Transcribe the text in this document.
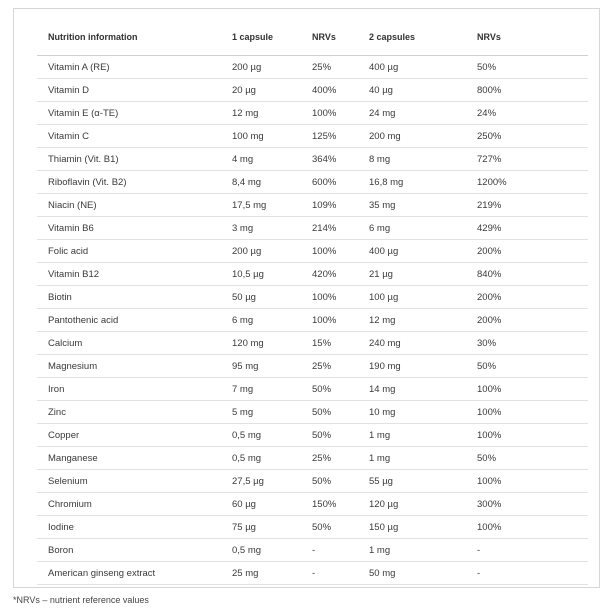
Nutrition information	1 capsule	NRVs	2 capsules	NRVs
Vitamin A (RE)	200 µg	25%	400 µg	50%
Vitamin D	20 µg	400%	40 µg	800%
Vitamin E (α-TE)	12 mg	100%	24 mg	24%
Vitamin C	100 mg	125%	200 mg	250%
Thiamin (Vit. B1)	4 mg	364%	8 mg	727%
Riboflavin (Vit. B2)	8,4 mg	600%	16,8 mg	1200%
Niacin (NE)	17,5 mg	109%	35 mg	219%
Vitamin B6	3 mg	214%	6 mg	429%
Folic acid	200 µg	100%	400 µg	200%
Vitamin B12	10,5 µg	420%	21 µg	840%
Biotin	50 µg	100%	100 µg	200%
Pantothenic acid	6 mg	100%	12 mg	200%
Calcium	120 mg	15%	240 mg	30%
Magnesium	95 mg	25%	190 mg	50%
Iron	7 mg	50%	14 mg	100%
Zinc	5 mg	50%	10 mg	100%
Copper	0,5 mg	50%	1 mg	100%
Manganese	0,5 mg	25%	1 mg	50%
Selenium	27,5 µg	50%	55 µg	100%
Chromium	60 µg	150%	120 µg	300%
Iodine	75 µg	50%	150 µg	100%
Boron	0,5 mg	-	1 mg	-
American ginseng extract	25 mg	-	50 mg	-
*NRVs – nutrient reference values
